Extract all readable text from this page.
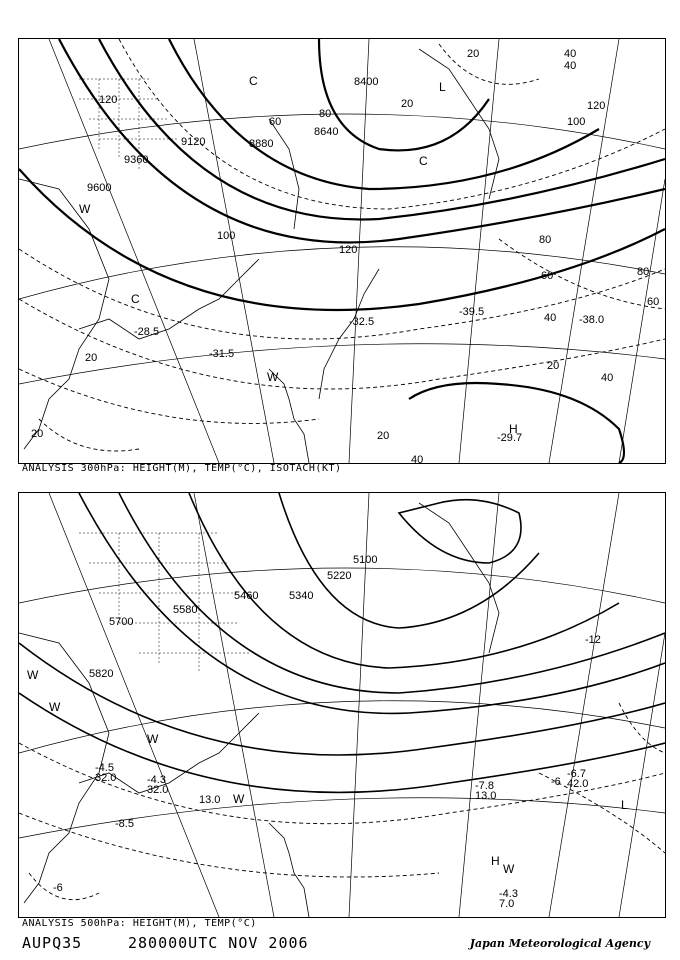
8400
8640
8880
9120
9360
9600
20	40
20
40
120
100
120
100	80
60	80
40
60
40
20
20
20
20
40
60
80
120
L
H
C
C
C
W
W
-38.0
-28.5
-31.5
-39.5
-32.5
-29.7
ANALYSIS 300hPa: HEIGHT(M), TEMP(°C), ISOTACH(KT)
5100
5220
5340
5460
5580
5700
5820
-12
-6
-6
L
H
W
W
W
W
W
-6.7
-4.5
-4.3
-8.5
-7.8
-4.3
32.0
32.0	13.0
42.0
13.0
7.0
ANALYSIS 500hPa: HEIGHT(M), TEMP(°C)
AUPQ35	280000UTC NOV 2006	Japan Meteorological Agency
